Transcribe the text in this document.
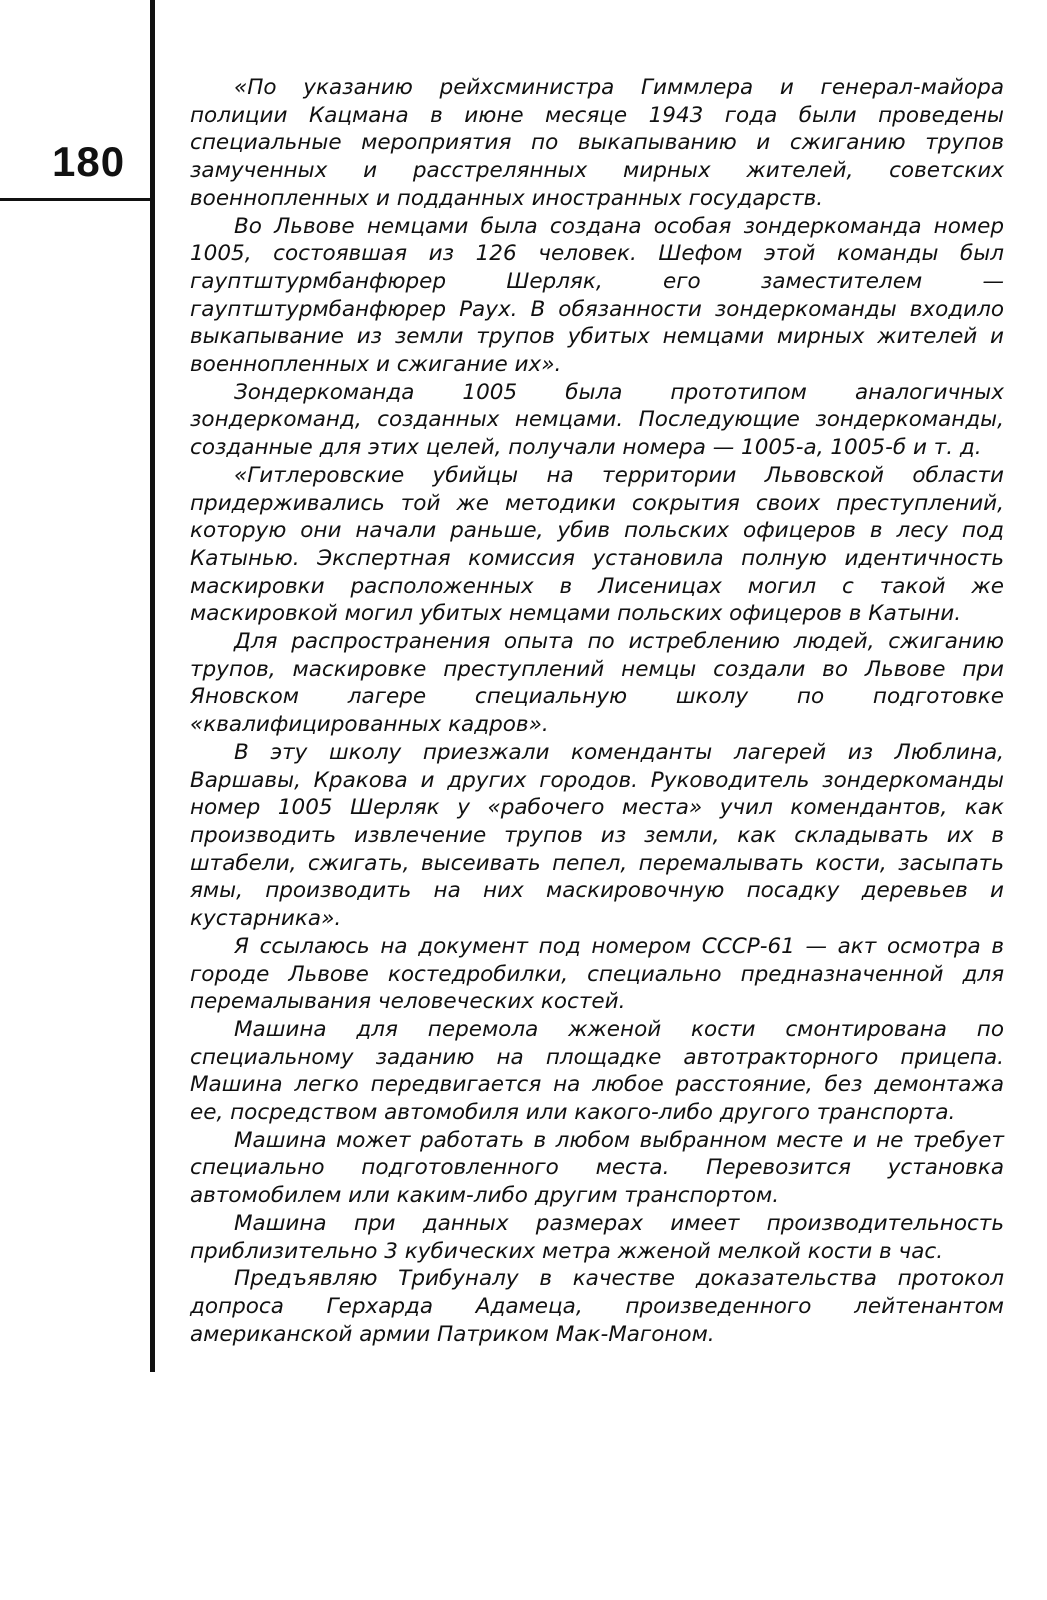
180

«По указанию рейхсминистра Гиммлера и генерал-майора полиции Кацмана в июне месяце 1943 года были проведены специальные мероприятия по выкапыванию и сжиганию трупов замученных и расстрелянных мирных жителей, советских военнопленных и подданных иностранных государств.

Во Львове немцами была создана особая зондеркоманда номер 1005, состоявшая из 126 человек. Шефом этой команды был гауптштурмбанфюрер Шерляк, его заместителем — гауптштурмбанфюрер Раух. В обязанности зондеркоманды входило выкапывание из земли трупов убитых немцами мирных жителей и военнопленных и сжигание их».

Зондеркоманда 1005 была прототипом аналогичных зондеркоманд, созданных немцами. Последующие зондеркоманды, созданные для этих целей, получали номера — 1005-а, 1005-б и т. д.

«Гитлеровские убийцы на территории Львовской области придерживались той же методики сокрытия своих преступлений, которую они начали раньше, убив польских офицеров в лесу под Катынью. Экспертная комиссия установила полную идентичность маскировки расположенных в Лисеницах могил с такой же маскировкой могил убитых немцами польских офицеров в Катыни.

Для распространения опыта по истреблению людей, сжиганию трупов, маскировке преступлений немцы создали во Львове при Яновском лагере специальную школу по подготовке «квалифицированных кадров».

В эту школу приезжали коменданты лагерей из Люблина, Варшавы, Кракова и других городов. Руководитель зондеркоманды номер 1005 Шерляк у «рабочего места» учил комендантов, как производить извлечение трупов из земли, как складывать их в штабели, сжигать, высеивать пепел, перемалывать кости, засыпать ямы, производить на них маскировочную посадку деревьев и кустарника».

Я ссылаюсь на документ под номером СССР-61 — акт осмотра в городе Львове костедробилки, специально предназначенной для перемалывания человеческих костей.

Машина для перемола жженой кости смонтирована по специальному заданию на площадке автотракторного прицепа. Машина легко передвигается на любое расстояние, без демонтажа ее, посредством автомобиля или какого-либо другого транспорта.

Машина может работать в любом выбранном месте и не требует специально подготовленного места. Перевозится установка автомобилем или каким-либо другим транспортом.

Машина при данных размерах имеет производительность приблизительно 3 кубических метра жженой мелкой кости в час.

Предъявляю Трибуналу в качестве доказательства протокол допроса Герхарда Адамеца, произведенного лейтенантом американской армии Патриком Мак-Магоном.
